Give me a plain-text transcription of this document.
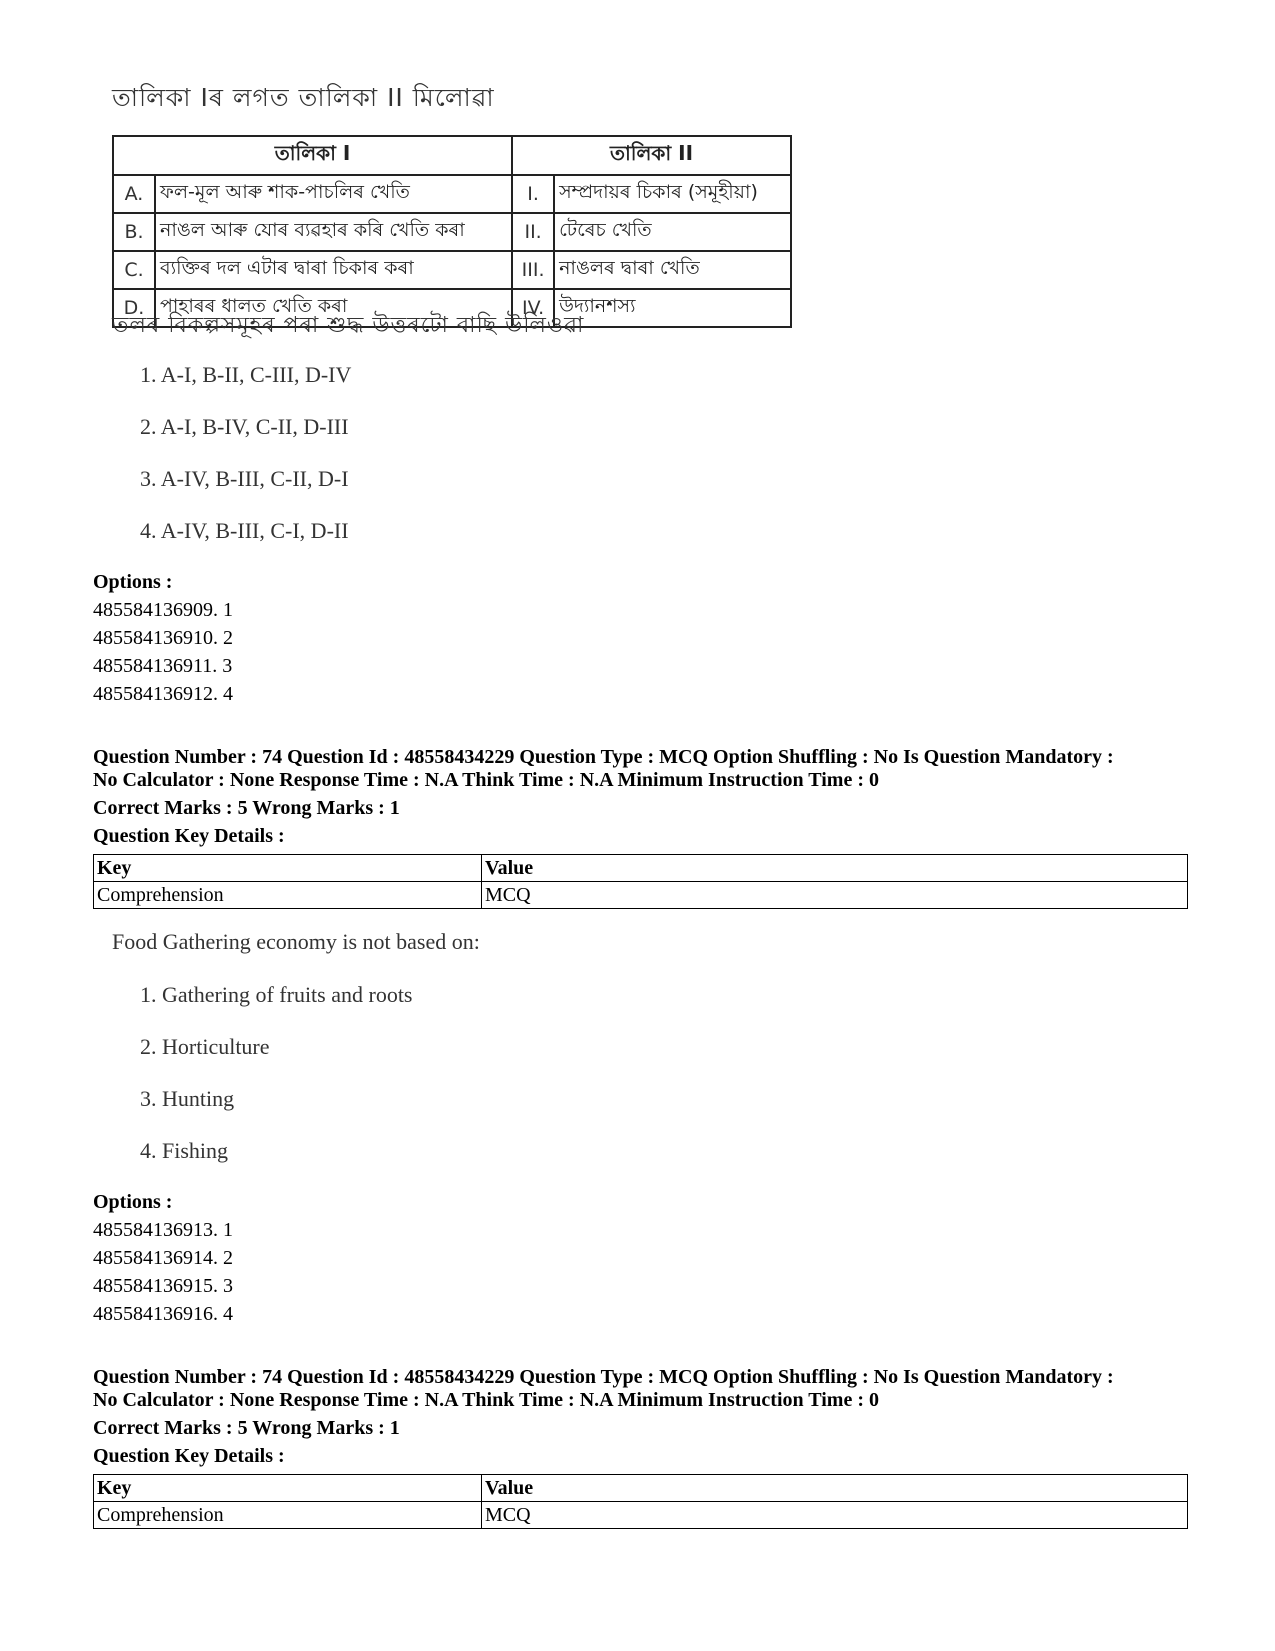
তালিকা Iৰ লগত তালিকা II মিলোৱা
তালিকা I		তালিকা II	
A.	ফল-মূল আৰু শাক-পাচলিৰ খেতি	I.	সম্প্ৰদায়ৰ চিকাৰ (সমূহীয়া)
B.	নাঙল আৰু যোৰ ব্যৱহাৰ কৰি খেতি কৰা	II.	টেৰেচ খেতি
C.	ব্যক্তিৰ দল এটাৰ দ্বাৰা চিকাৰ কৰা	III.	নাঙলৰ দ্বাৰা খেতি
D.	পাহাৰৰ ধালত খেতি কৰা	IV.	উদ্যানশস্য
তলৰ বিকল্পসমূহৰ পৰা শুদ্ধ উত্তৰটো বাছি উলিওৱা
1. A-I, B-II, C-III, D-IV
2. A-I, B-IV, C-II, D-III
3. A-IV, B-III, C-II, D-I
4. A-IV, B-III, C-I, D-II
Options :
485584136909. 1
485584136910. 2
485584136911. 3
485584136912. 4
Question Number : 74 Question Id : 48558434229 Question Type : MCQ Option Shuffling : No Is Question Mandatory :
No Calculator : None Response Time : N.A Think Time : N.A Minimum Instruction Time : 0
Correct Marks : 5 Wrong Marks : 1
Question Key Details :
Key	Value
Comprehension	MCQ
Food Gathering economy is not based on:
1. Gathering of fruits and roots
2. Horticulture
3. Hunting
4. Fishing
Options :
485584136913. 1
485584136914. 2
485584136915. 3
485584136916. 4
Question Number : 74 Question Id : 48558434229 Question Type : MCQ Option Shuffling : No Is Question Mandatory :
No Calculator : None Response Time : N.A Think Time : N.A Minimum Instruction Time : 0
Correct Marks : 5 Wrong Marks : 1
Question Key Details :
Key	Value
Comprehension	MCQ
